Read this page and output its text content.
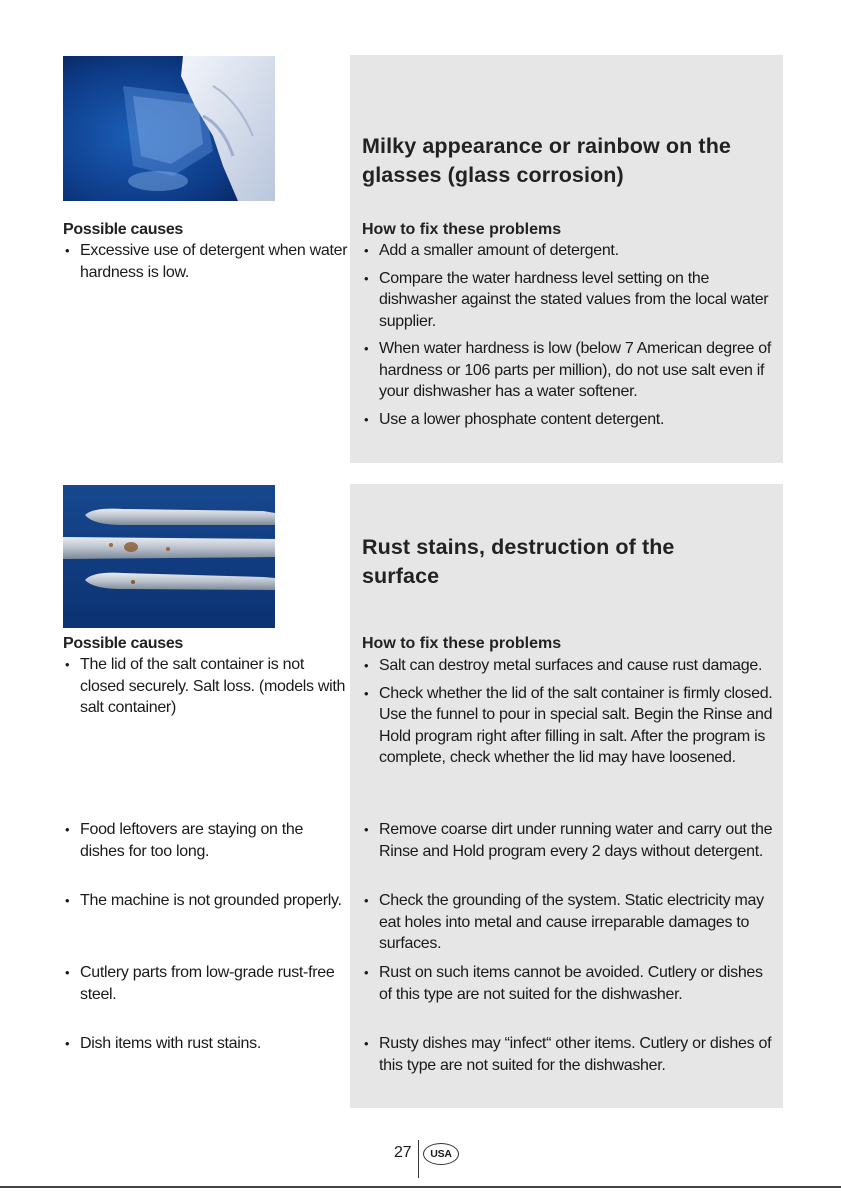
Possible causes
• Excessive use of detergent when water hardness is low.
Milky appearance or rainbow on the glasses (glass corrosion)
How to fix these problems
• Add a smaller amount of detergent.
• Compare the water hardness level setting on the dishwasher against the stated values from the local water supplier.
• When water hardness is low (below 7 American degree of hardness or 106 parts per million), do not use salt even if your dishwasher has a water softener.
• Use a lower phosphate content detergent.
Possible causes
• The lid of the salt container is not closed securely. Salt loss. (models with salt container)
• Food leftovers are staying on the dishes for too long.
• The machine is not grounded properly.
• Cutlery parts from low-grade rust-free steel.
• Dish items with rust stains.
Rust stains, destruction of the surface
How to fix these problems
• Salt can destroy metal surfaces and cause rust damage.
• Check whether the lid of the salt container is firmly closed. Use the funnel to pour in special salt. Begin the Rinse and Hold program right after filling in salt. After the program is complete, check whether the lid may have loosened.
• Remove coarse dirt under running water and carry out the Rinse and Hold program every 2 days without detergent.
• Check the grounding of the system. Static electricity may eat holes into metal and cause irreparable damages to surfaces.
• Rust on such items cannot be avoided. Cutlery or dishes of this type are not suited for the dishwasher.
• Rusty dishes may “infect“ other items. Cutlery or dishes of this type are not suited for the dishwasher.
27	USA
